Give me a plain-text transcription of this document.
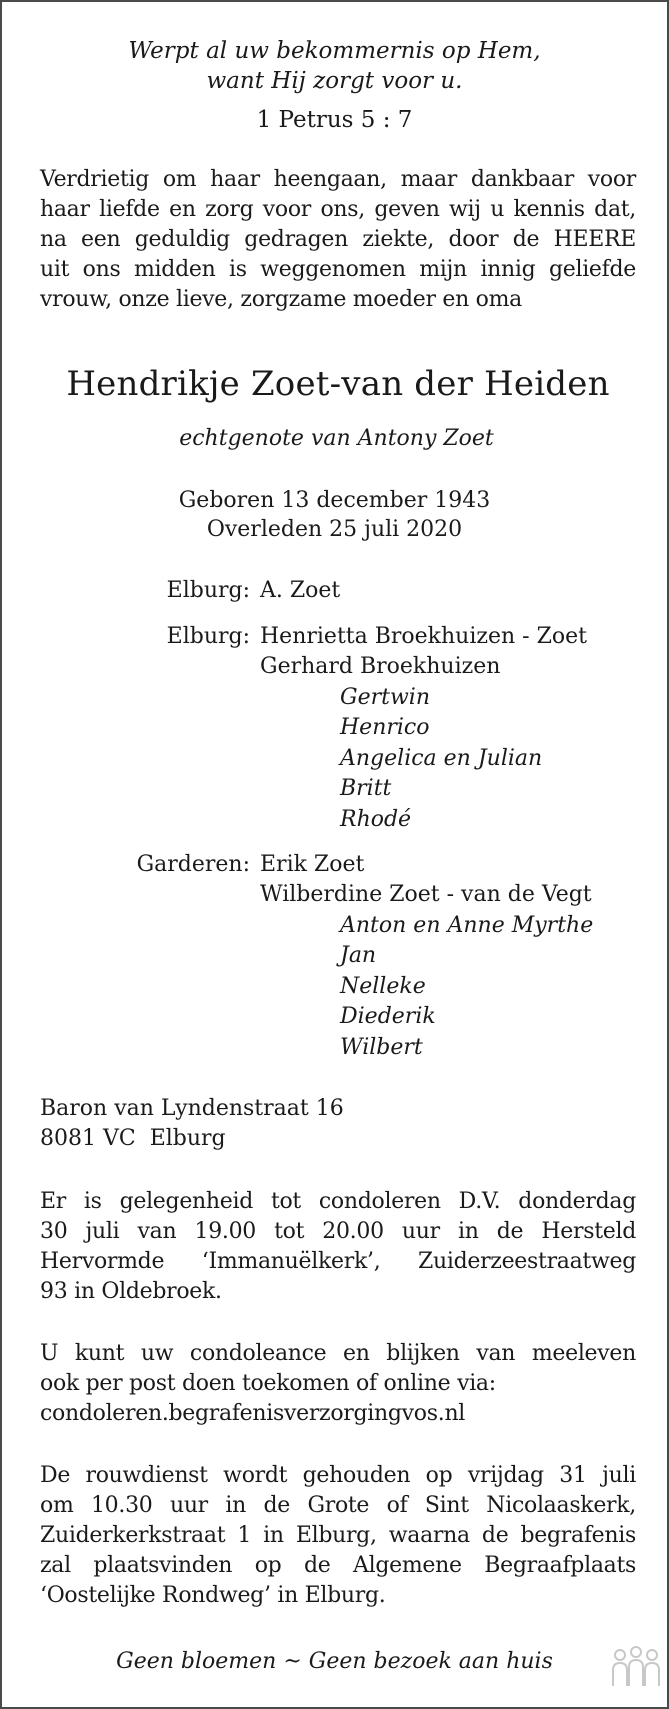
Werpt al uw bekommernis op Hem,

want Hij zorgt voor u.

1 Petrus 5 : 7

Verdrietig om haar heengaan, maar dankbaar voor

haar liefde en zorg voor ons, geven wij u kennis dat,

na een geduldig gedragen ziekte, door de HEERE

uit ons midden is weggenomen mijn innig geliefde

vrouw, onze lieve, zorgzame moeder en oma

Hendrikje Zoet-van der Heiden

echtgenote van Antony Zoet

Geboren 13 december 1943

Overleden 25 juli 2020

Elburg: A. Zoet

Elburg: Henrietta Broekhuizen - Zoet

Gerhard Broekhuizen

Gertwin

Henrico

Angelica en Julian

Britt

Rhodé

Garderen: Erik Zoet

Wilberdine Zoet - van de Vegt

Anton en Anne Myrthe

Jan

Nelleke

Diederik

Wilbert

Baron van Lyndenstraat 16

8081 VC  Elburg

Er is gelegenheid tot condoleren D.V. donderdag

30 juli van 19.00 tot 20.00 uur in de Hersteld

Hervormde ‘Immanuëlkerk’, Zuiderzeestraatweg

93 in Oldebroek.

U kunt uw condoleance en blijken van meeleven

ook per post doen toekomen of online via:

condoleren.begrafenisverzorgingvos.nl

De rouwdienst wordt gehouden op vrijdag 31 juli

om 10.30 uur in de Grote of Sint Nicolaaskerk,

Zuiderkerkstraat 1 in Elburg, waarna de begrafenis

zal plaatsvinden op de Algemene Begraafplaats

‘Oostelijke Rondweg’ in Elburg.

Geen bloemen ~ Geen bezoek aan huis
